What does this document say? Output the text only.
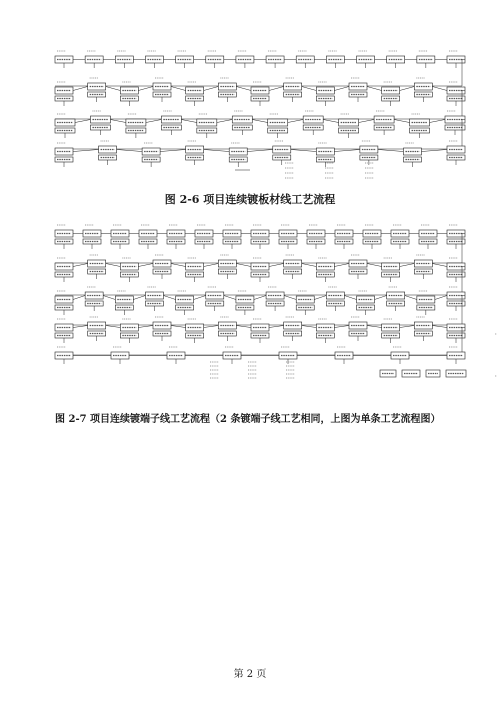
图 2-6 项目连续镀板材线工艺流程
图 2-7 项目连续镀端子线工艺流程（2 条镀端子线工艺相同，上图为单条工艺流程图）
·
·
第 2 页
